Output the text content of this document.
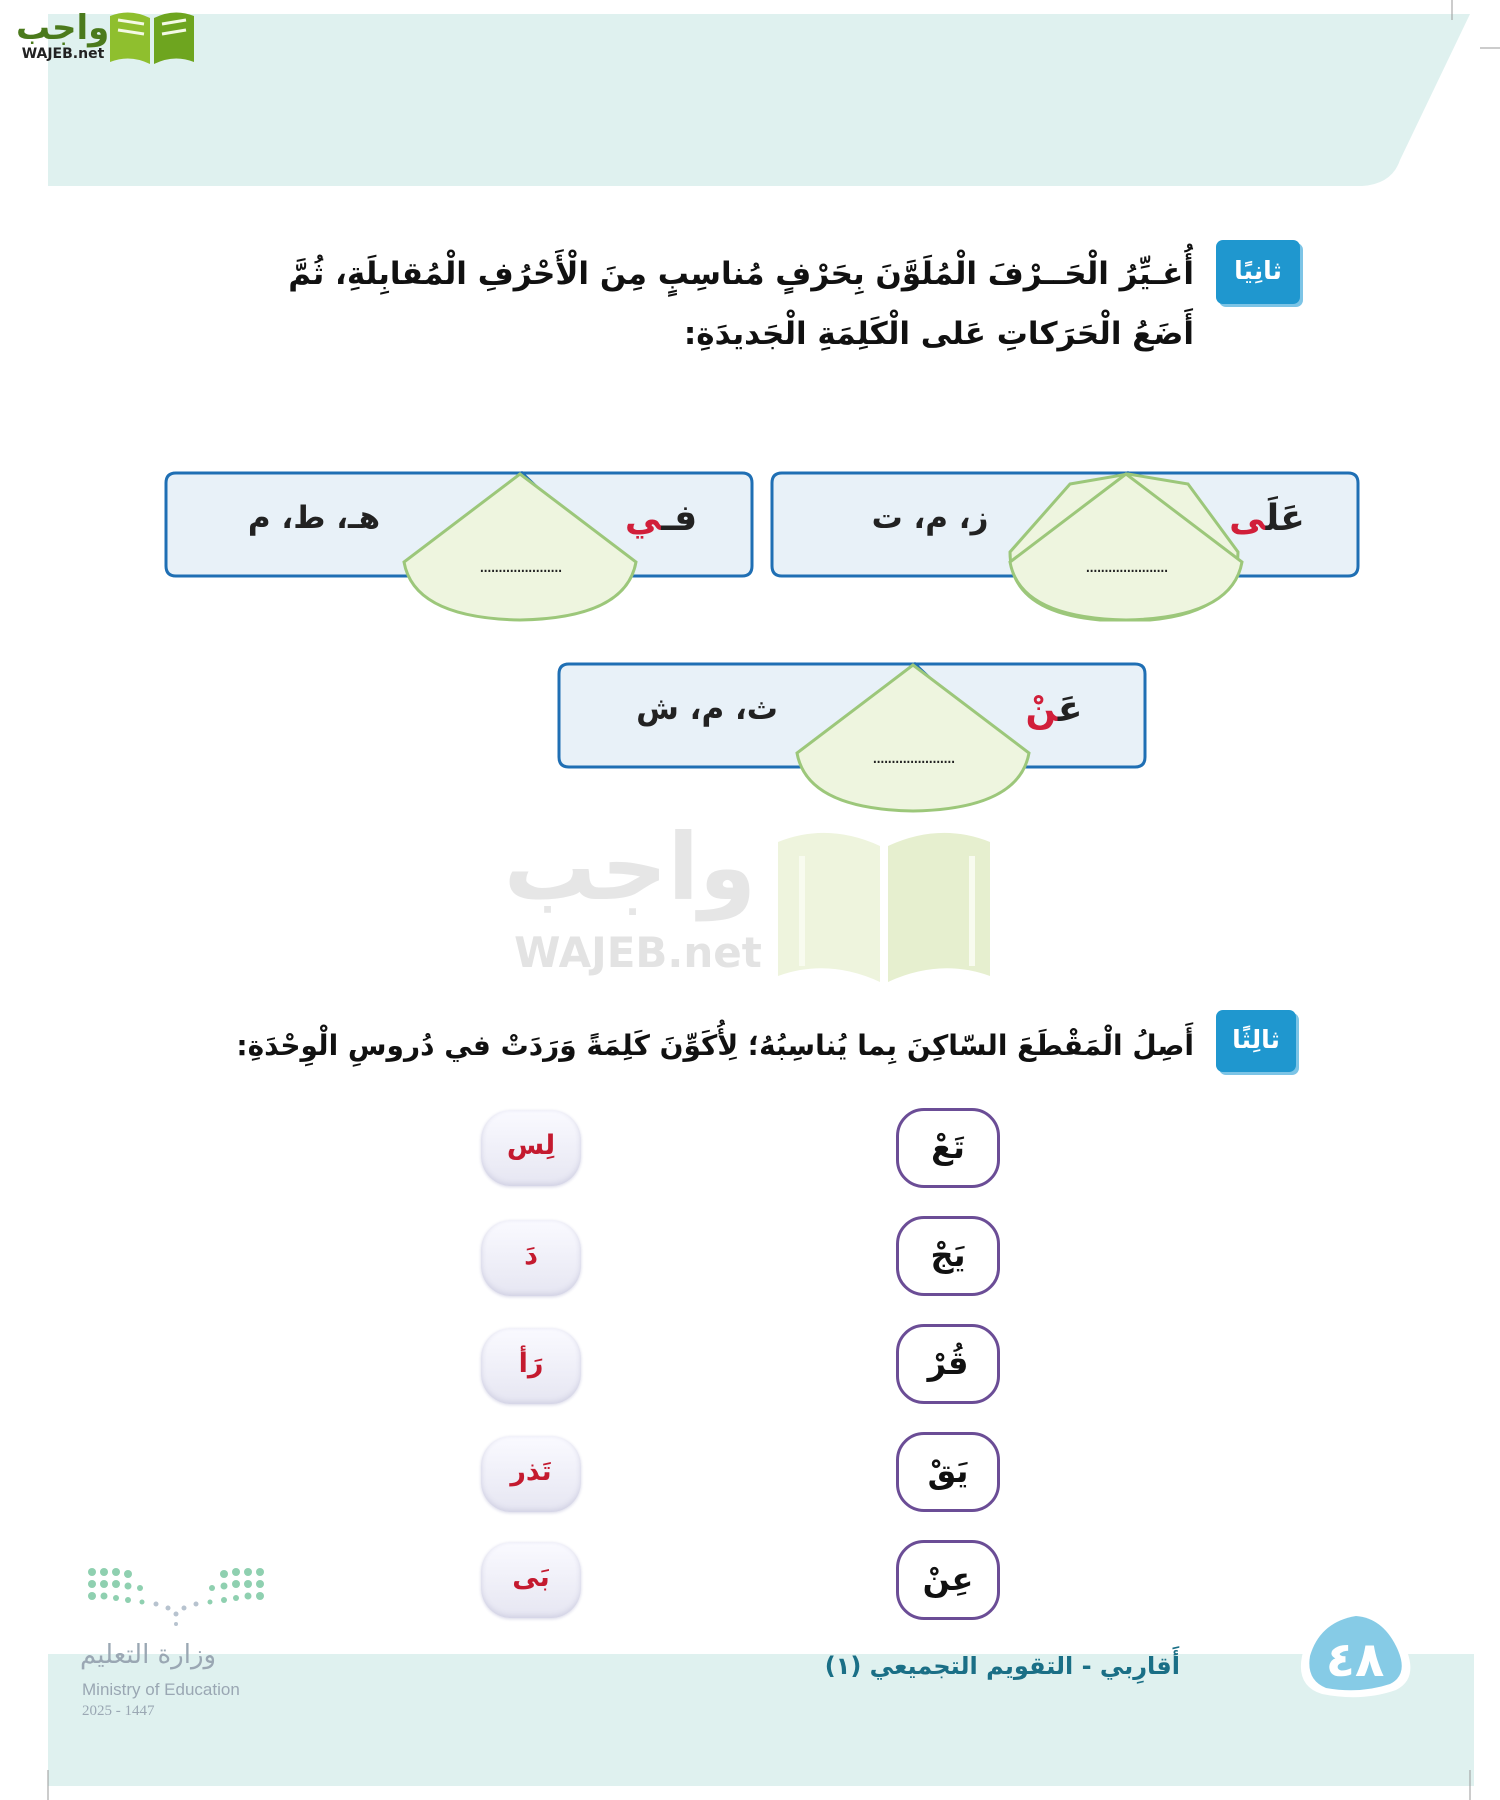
واجب
WAJEB.net
ثانِيًا
أُغـيِّرُ الْحَــرْفَ الْمُلَوَّنَ بِحَرْفٍ مُناسِبٍ مِنَ الْأَحْرُفِ الْمُقابِلَةِ، ثُمَّ
أَضَعُ الْحَرَكاتِ عَلى الْكَلِمَةِ الْجَديدَةِ:
عَلَى
ز، م، ت
......................
فـي
هـ، ط، م
......................
عَنْ
ث، م، ش
......................
واجب
WAJEB.net
ثالِثًا
أَصِلُ الْمَقْطَعَ السّاكِنَ بِما يُناسِبُهُ؛ لِأُكَوِّنَ كَلِمَةً وَرَدَتْ في دُروسِ الْوِحْدَةِ:
تَعْ
يَجْ
قُرْ
يَقْ
عِنْ
لِس
دَ
رَأ
تَذر
بَى
٤٨
أَقارِبي - التقويم التجميعي (١)
وزارة التعليم
Ministry of Education
2025 - 1447
